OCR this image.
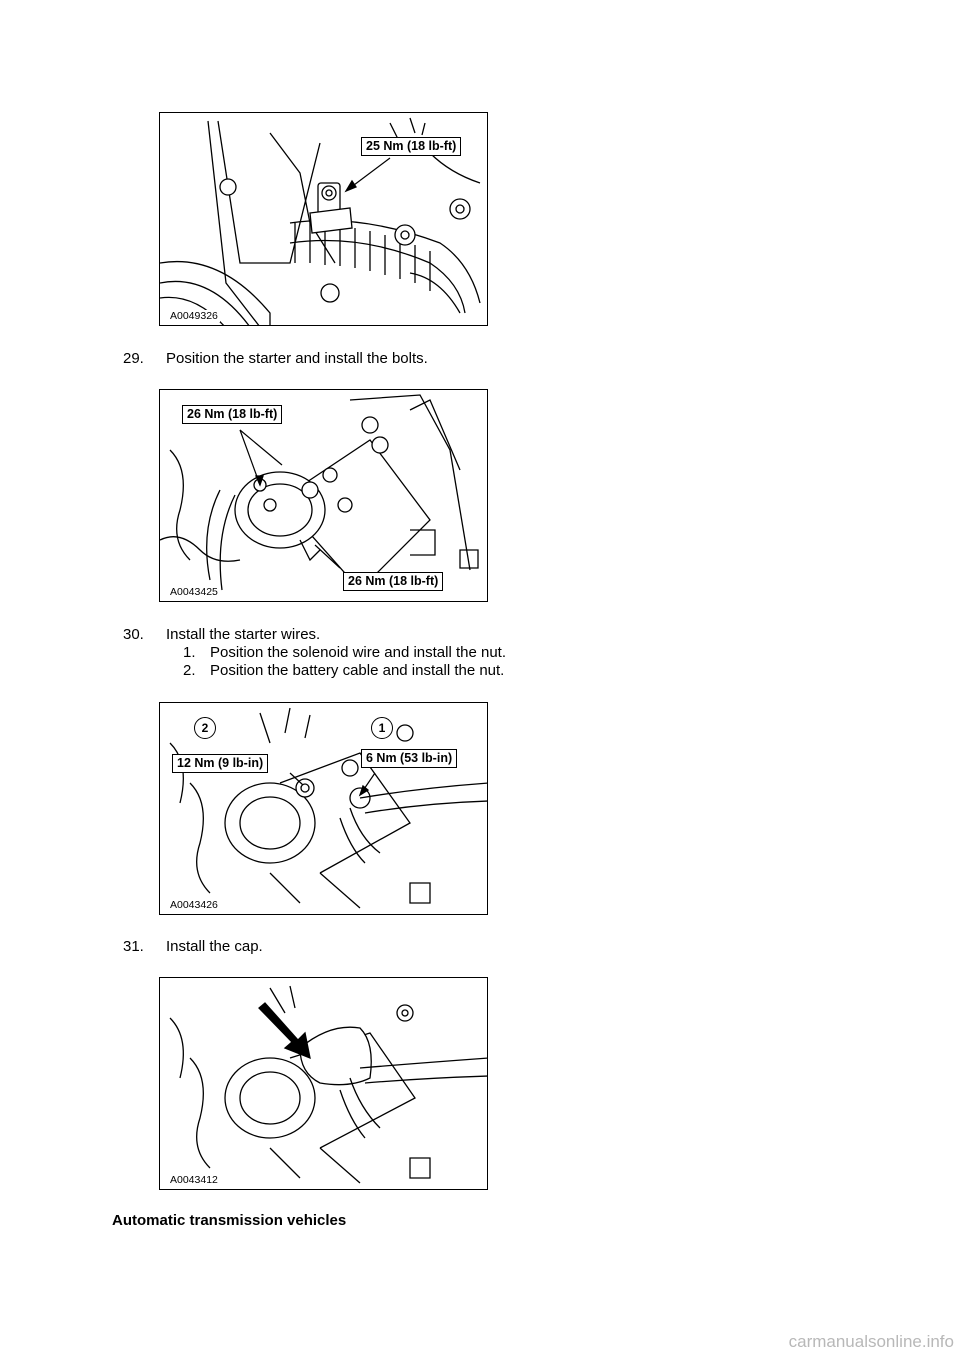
25 Nm (18 lb-ft)
A0049326
29. Position the starter and install the bolts.
26 Nm (18 lb-ft)
26 Nm (18 lb-ft)
A0043425
30. Install the starter wires.
1. Position the solenoid wire and install the nut.
2. Position the battery cable and install the nut.
2	1
12 Nm (9 lb-in)	6 Nm (53 lb-in)
A0043426
31. Install the cap.
A0043412
Automatic transmission vehicles
carmanualsonline.info
